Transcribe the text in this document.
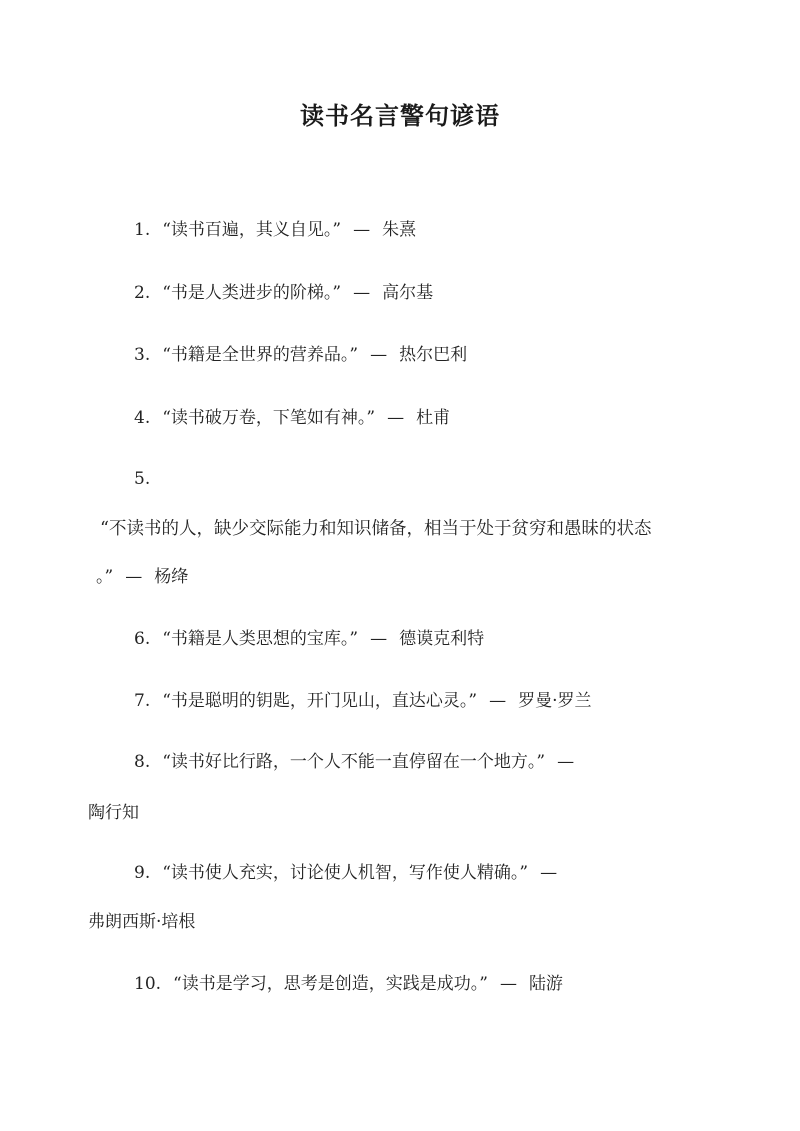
读书名言警句谚语
1. “读书百遍，其义自见。” — 朱熹
2. “书是人类进步的阶梯。” — 高尔基
3. “书籍是全世界的营养品。” — 热尔巴利
4. “读书破万卷，下笔如有神。” — 杜甫
5.
“不读书的人，缺少交际能力和知识储备，相当于处于贫穷和愚昧的状态
。” — 杨绛
6. “书籍是人类思想的宝库。” — 德谟克利特
7. “书是聪明的钥匙，开门见山，直达心灵。” — 罗曼·罗兰
8. “读书好比行路，一个人不能一直停留在一个地方。” —
陶行知
9. “读书使人充实，讨论使人机智，写作使人精确。” —
弗朗西斯·培根
10. “读书是学习，思考是创造，实践是成功。” — 陆游
